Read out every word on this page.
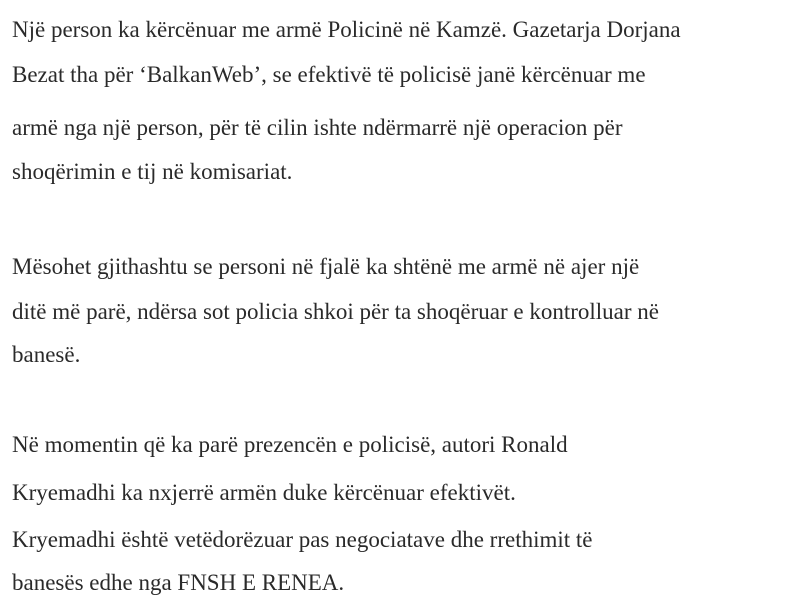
Një person ka kërcënuar me armë Policinë në Kamzë. Gazetarja Dorjana
Bezat tha për ‘BalkanWeb’, se efektivë të policisë janë kërcënuar me
armë nga një person, për të cilin ishte ndërmarrë një operacion për
shoqërimin e tij në komisariat.
Mësohet gjithashtu se personi në fjalë ka shtënë me armë në ajer një
ditë më parë, ndërsa sot policia shkoi për ta shoqëruar e kontrolluar në
banesë.
Në momentin që ka parë prezencën e policisë, autori Ronald
Kryemadhi ka nxjerrë armën duke kërcënuar efektivët.
Kryemadhi është vetëdorëzuar pas negociatave dhe rrethimit të
banesës edhe nga FNSH E RENEA.
